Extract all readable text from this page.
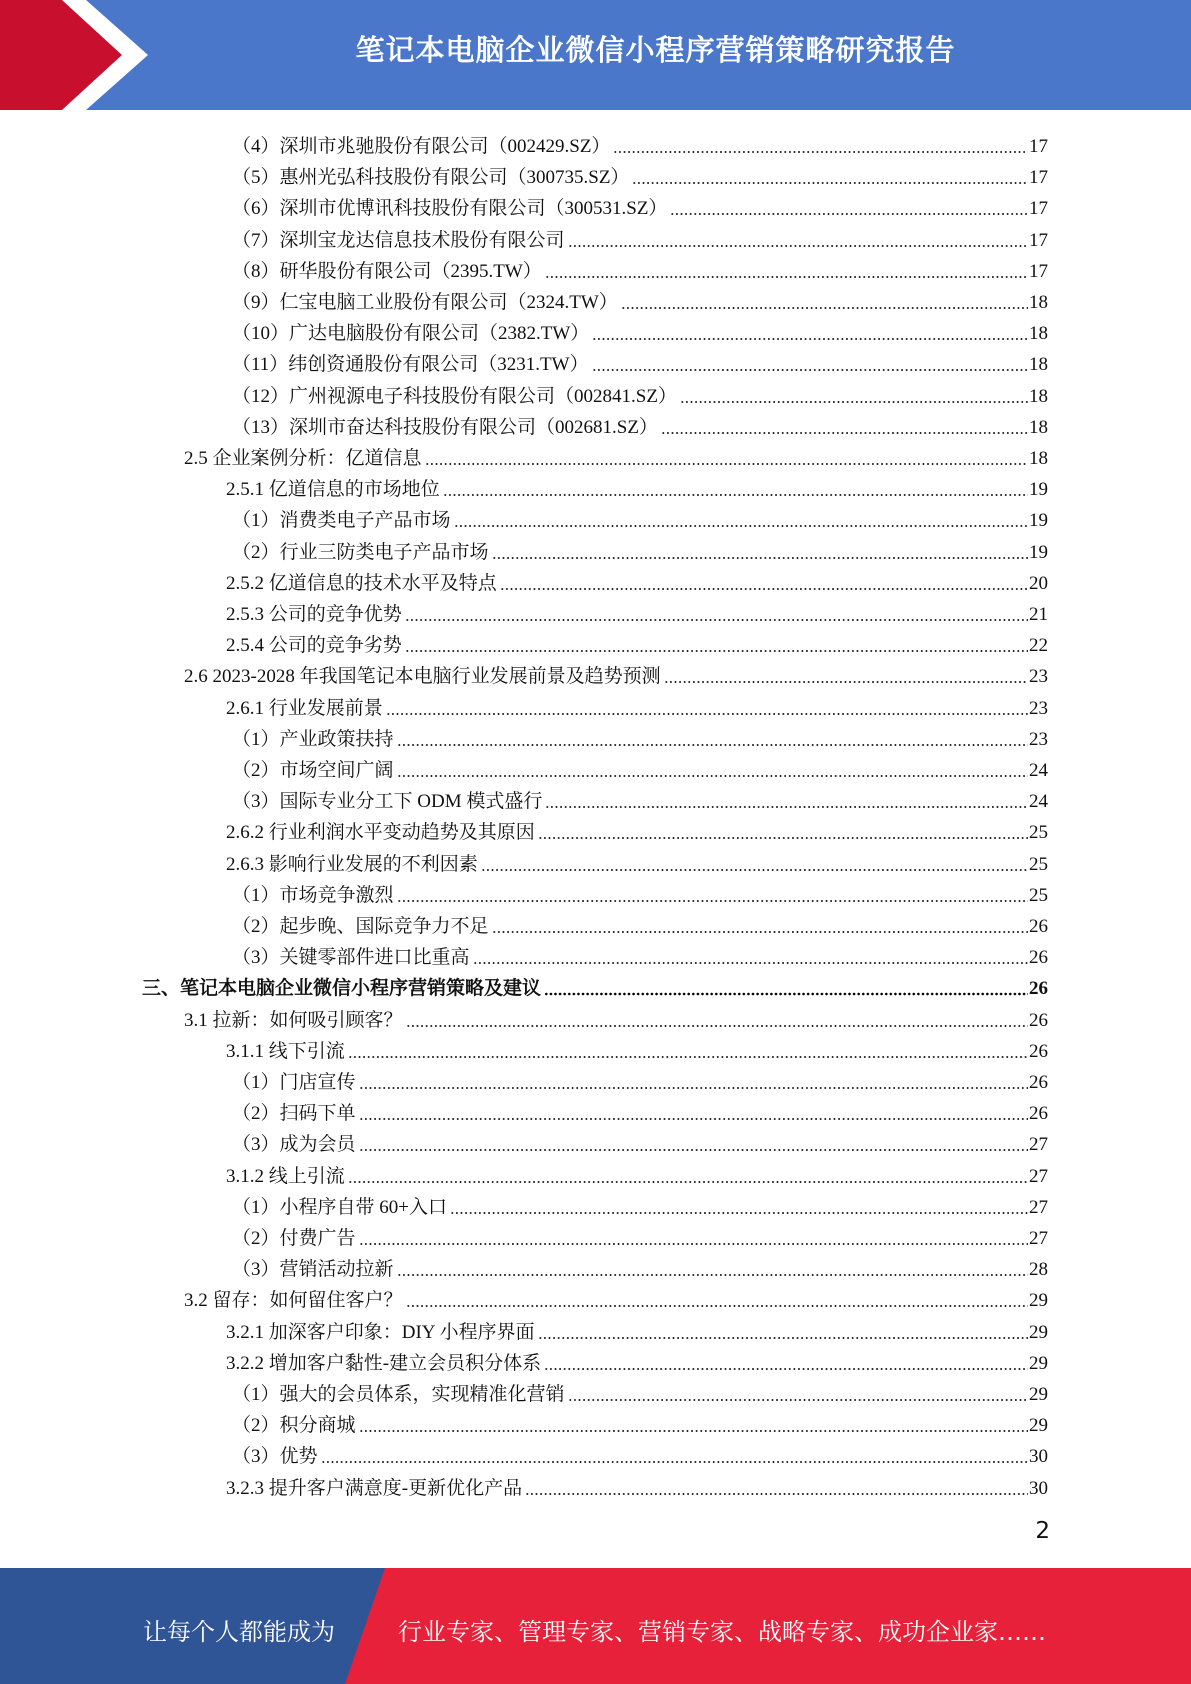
笔记本电脑企业微信小程序营销策略研究报告
（4）深圳市兆驰股份有限公司（002429.SZ）	17
（5）惠州光弘科技股份有限公司（300735.SZ）	17
（6）深圳市优博讯科技股份有限公司（300531.SZ）	17
（7）深圳宝龙达信息技术股份有限公司	17
（8）研华股份有限公司（2395.TW）	17
（9）仁宝电脑工业股份有限公司（2324.TW）	18
（10）广达电脑股份有限公司（2382.TW）	18
（11）纬创资通股份有限公司（3231.TW）	18
（12）广州视源电子科技股份有限公司（002841.SZ）	18
（13）深圳市奋达科技股份有限公司（002681.SZ）	18
2.5 企业案例分析：亿道信息	18
2.5.1 亿道信息的市场地位	19
（1）消费类电子产品市场	19
（2）行业三防类电子产品市场	19
2.5.2 亿道信息的技术水平及特点	20
2.5.3 公司的竞争优势	21
2.5.4 公司的竞争劣势	22
2.6 2023-2028 年我国笔记本电脑行业发展前景及趋势预测	23
2.6.1 行业发展前景	23
（1）产业政策扶持	23
（2）市场空间广阔	24
（3）国际专业分工下 ODM 模式盛行	24
2.6.2 行业利润水平变动趋势及其原因	25
2.6.3 影响行业发展的不利因素	25
（1）市场竞争激烈	25
（2）起步晚、国际竞争力不足	26
（3）关键零部件进口比重高	26
三、笔记本电脑企业微信小程序营销策略及建议	26
3.1 拉新：如何吸引顾客？	26
3.1.1 线下引流	26
（1）门店宣传	26
（2）扫码下单	26
（3）成为会员	27
3.1.2 线上引流	27
（1）小程序自带 60+入口	27
（2）付费广告	27
（3）营销活动拉新	28
3.2 留存：如何留住客户？	29
3.2.1 加深客户印象：DIY 小程序界面	29
3.2.2 增加客户黏性-建立会员积分体系	29
（1）强大的会员体系，实现精准化营销	29
（2）积分商城	29
（3）优势	30
3.2.3 提升客户满意度-更新优化产品	30
2
让每个人都能成为	行业专家、管理专家、营销专家、战略专家、成功企业家……
